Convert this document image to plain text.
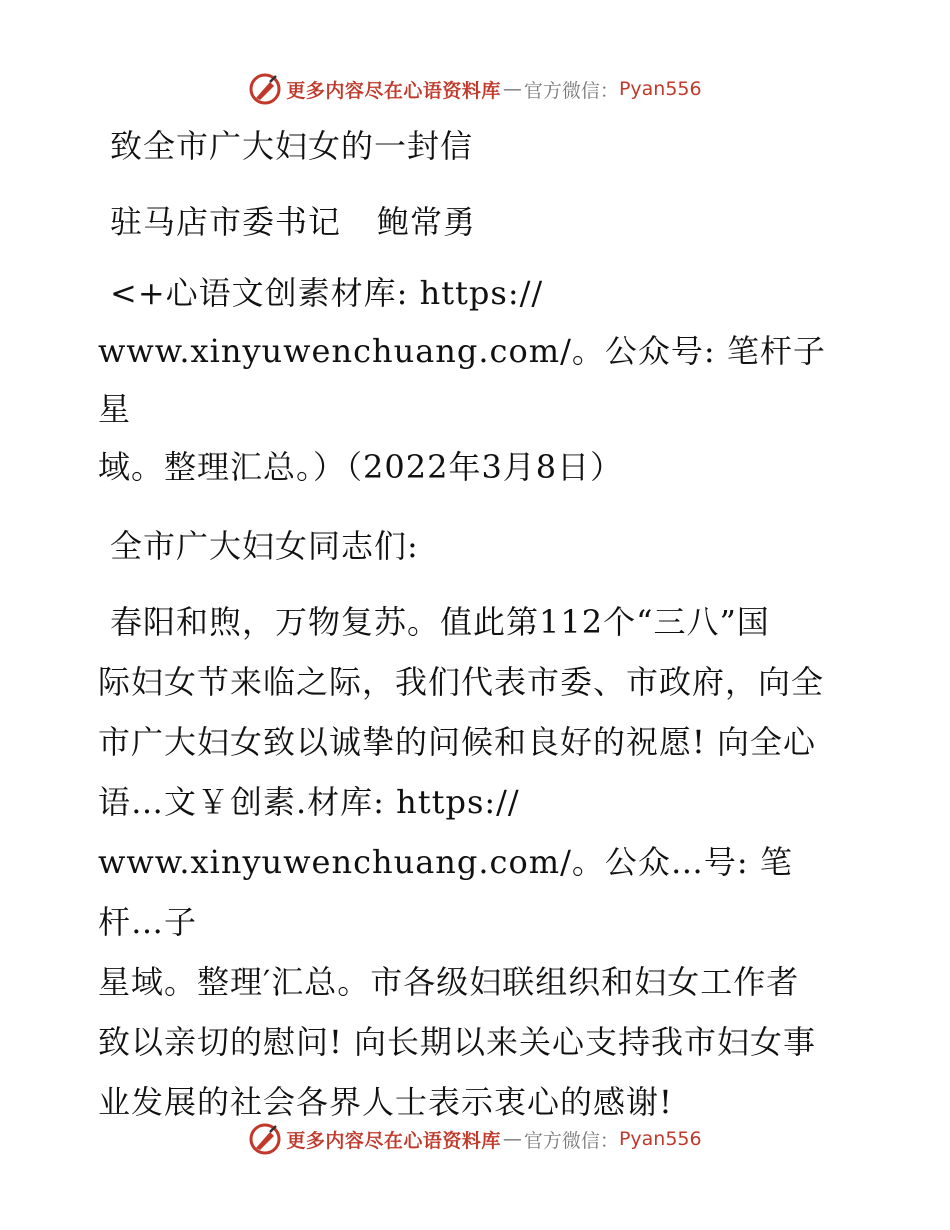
更多内容尽在心语资料库 — 官方微信： Pyan556

致全市广大妇女的一封信

驻马店市委书记 鲍常勇

<+心语文创素材库: https://
www.xinyuwenchuang.com/。公众号: 笔杆子星
域。整理汇总。）（2022年3月8日）

全市广大妇女同志们:

春阳和煦，万物复苏。值此第112个“三八”国
际妇女节来临之际，我们代表市委、市政府，向全
市广大妇女致以诚挚的问候和良好的祝愿! 向全心
语…文￥创素.材库: https://
www.xinyuwenchuang.com/。公众…号: 笔杆…子
星域。整理′汇总。市各级妇联组织和妇女工作者
致以亲切的慰问! 向长期以来关心支持我市妇女事
业发展的社会各界人士表示衷心的感谢!
更多内容尽在心语资料库 — 官方微信： Pyan556
